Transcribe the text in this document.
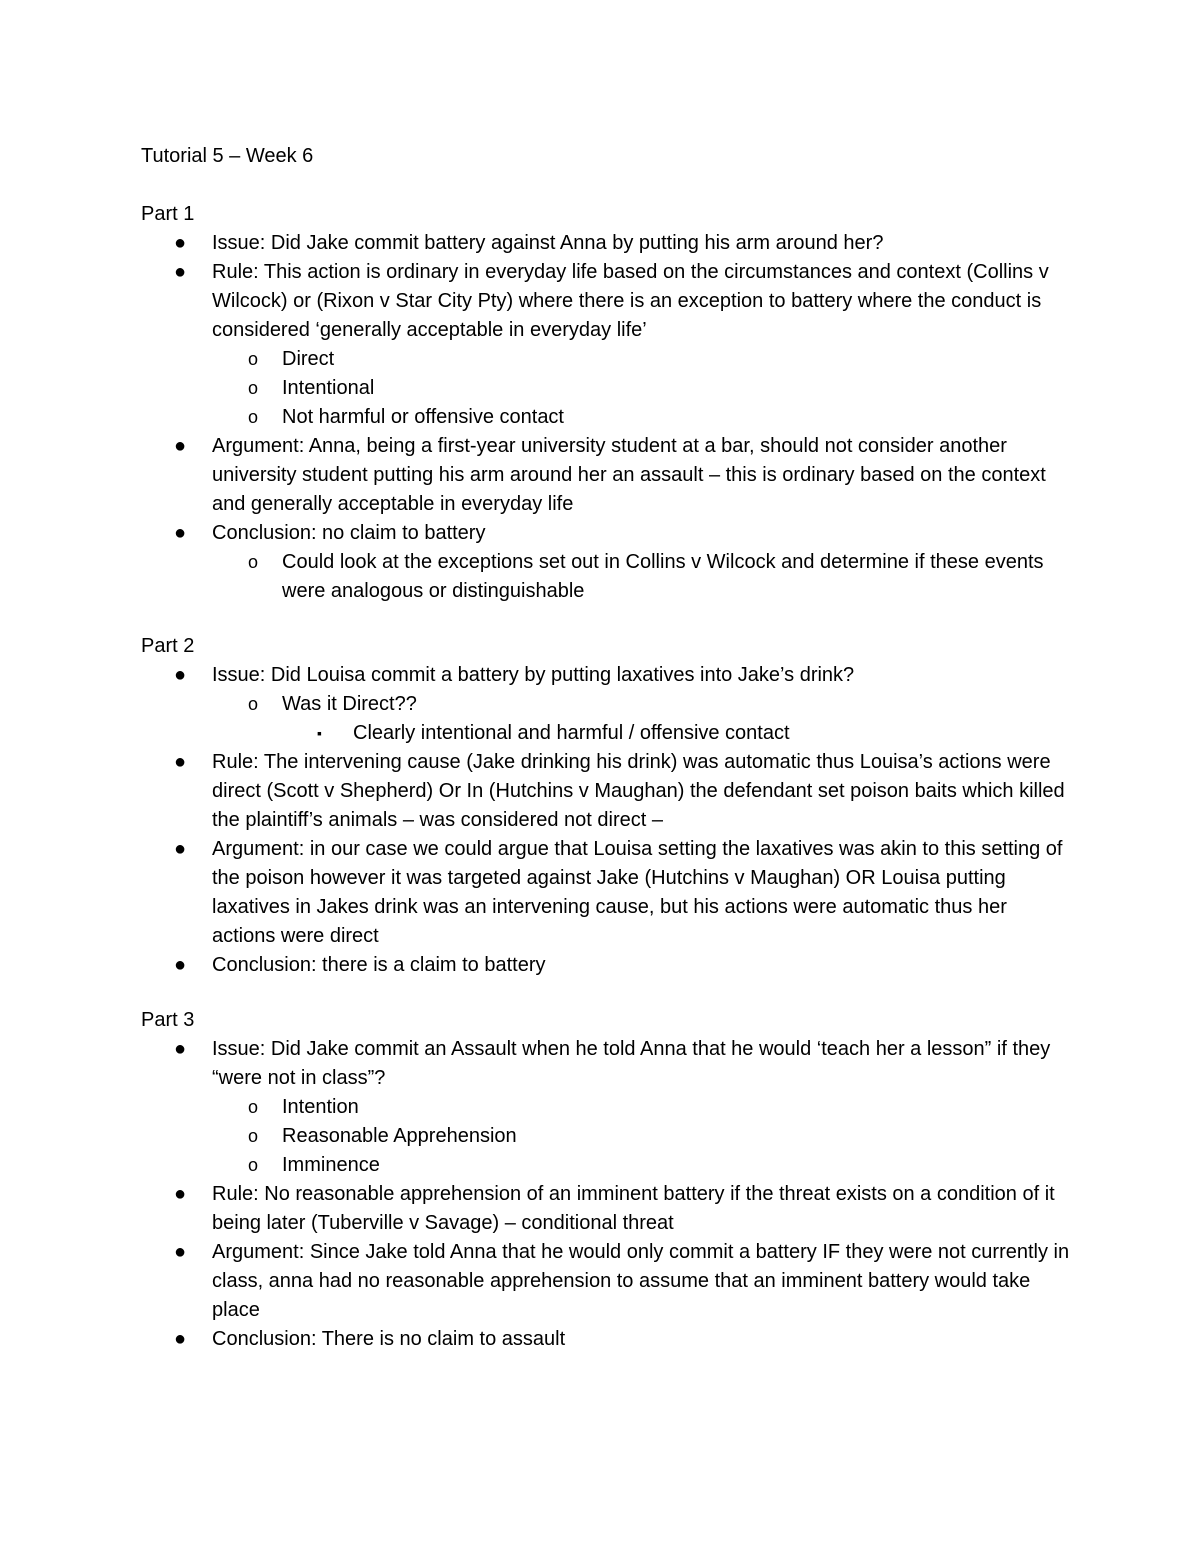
Tutorial 5 – Week 6
Part 1
● Issue: Did Jake commit battery against Anna by putting his arm around her?
● Rule: This action is ordinary in everyday life based on the circumstances and context (Collins v Wilcock) or (Rixon v Star City Pty) where there is an exception to battery where the conduct is considered ‘generally acceptable in everyday life’
o Direct
o Intentional
o Not harmful or offensive contact
● Argument: Anna, being a first-year university student at a bar, should not consider another university student putting his arm around her an assault – this is ordinary based on the context and generally acceptable in everyday life
● Conclusion: no claim to battery
o Could look at the exceptions set out in Collins v Wilcock and determine if these events were analogous or distinguishable
Part 2
● Issue: Did Louisa commit a battery by putting laxatives into Jake’s drink?
o Was it Direct??
▪ Clearly intentional and harmful / offensive contact
● Rule: The intervening cause (Jake drinking his drink) was automatic thus Louisa’s actions were direct (Scott v Shepherd) Or In (Hutchins v Maughan) the defendant set poison baits which killed the plaintiff’s animals – was considered not direct –
● Argument: in our case we could argue that Louisa setting the laxatives was akin to this setting of the poison however it was targeted against Jake (Hutchins v Maughan) OR Louisa putting laxatives in Jakes drink was an intervening cause, but his actions were automatic thus her actions were direct
● Conclusion: there is a claim to battery
Part 3
● Issue: Did Jake commit an Assault when he told Anna that he would ‘teach her a lesson” if they “were not in class”?
o Intention
o Reasonable Apprehension
o Imminence
● Rule: No reasonable apprehension of an imminent battery if the threat exists on a condition of it being later (Tuberville v Savage) – conditional threat
● Argument: Since Jake told Anna that he would only commit a battery IF they were not currently in class, anna had no reasonable apprehension to assume that an imminent battery would take place
● Conclusion: There is no claim to assault
